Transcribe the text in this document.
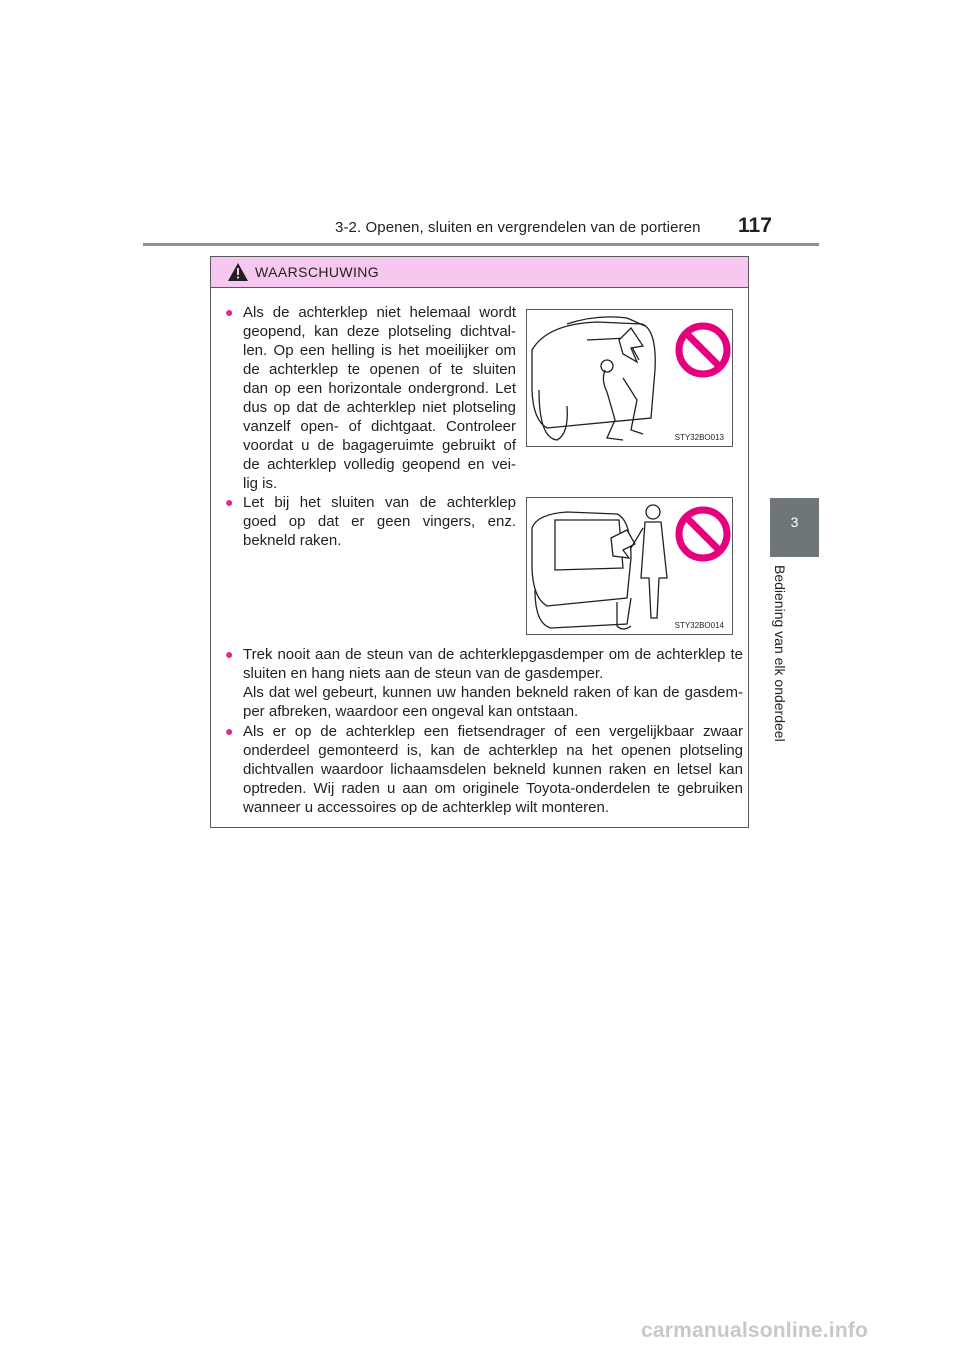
3-2. Openen, sluiten en vergrendelen van de portieren 117
3
Bediening van elk onderdeel
WAARSCHUWING
● Als de achterklep niet helemaal wordt
geopend, kan deze plotseling dichtval-
len. Op een helling is het moeilijker om
de achterklep te openen of te sluiten
dan op een horizontale ondergrond. Let
dus op dat de achterklep niet plotseling
vanzelf open- of dichtgaat. Controleer
voordat u de bagageruimte gebruikt of
de achterklep volledig geopend en vei-
lig is.
STY32BO013
● Let bij het sluiten van de achterklep
goed op dat er geen vingers, enz.
bekneld raken.
STY32BO014
● Trek nooit aan de steun van de achterklepgasdemper om de achterklep te
sluiten en hang niets aan de steun van de gasdemper.
Als dat wel gebeurt, kunnen uw handen bekneld raken of kan de gasdem-
per afbreken, waardoor een ongeval kan ontstaan.
● Als er op de achterklep een fietsendrager of een vergelijkbaar zwaar
onderdeel gemonteerd is, kan de achterklep na het openen plotseling
dichtvallen waardoor lichaamsdelen bekneld kunnen raken en letsel kan
optreden. Wij raden u aan om originele Toyota-onderdelen te gebruiken
wanneer u accessoires op de achterklep wilt monteren.
carmanualsonline.info
